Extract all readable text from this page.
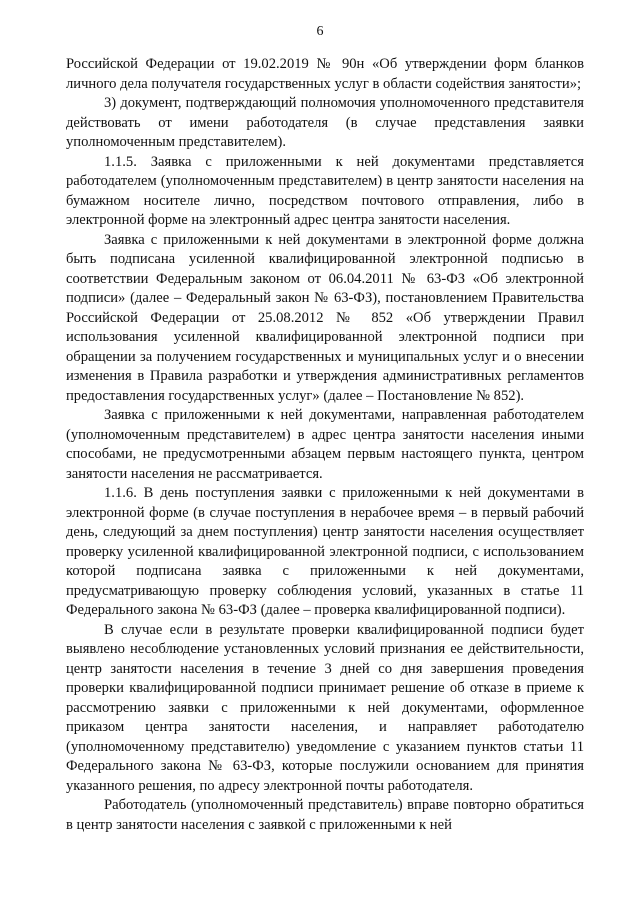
6

Российской Федерации от 19.02.2019 № 90н «Об утверждении форм бланков личного дела получателя государственных услуг в области содействия занятости»;

3) документ, подтверждающий полномочия уполномоченного представителя действовать от имени работодателя (в случае представления заявки уполномоченным представителем).

1.1.5. Заявка с приложенными к ней документами представляется работодателем (уполномоченным представителем) в центр занятости населения на бумажном носителе лично, посредством почтового отправления, либо в электронной форме на электронный адрес центра занятости населения.

Заявка с приложенными к ней документами в электронной форме должна быть подписана усиленной квалифицированной электронной подписью в соответствии Федеральным законом от 06.04.2011 № 63-ФЗ «Об электронной подписи» (далее – Федеральный закон № 63-ФЗ), постановлением Правительства Российской Федерации от 25.08.2012 № 852 «Об утверждении Правил использования усиленной квалифицированной электронной подписи при обращении за получением государственных и муниципальных услуг и о внесении изменения в Правила разработки и утверждения административных регламентов предоставления государственных услуг» (далее – Постановление № 852).

Заявка с приложенными к ней документами, направленная работодателем (уполномоченным представителем) в адрес центра занятости населения иными способами, не предусмотренными абзацем первым настоящего пункта, центром занятости населения не рассматривается.

1.1.6. В день поступления заявки с приложенными к ней документами в электронной форме (в случае поступления в нерабочее время – в первый рабочий день, следующий за днем поступления) центр занятости населения осуществляет проверку усиленной квалифицированной электронной подписи, с использованием которой подписана заявка с приложенными к ней документами, предусматривающую проверку соблюдения условий, указанных в статье 11 Федерального закона № 63-ФЗ (далее – проверка квалифицированной подписи).

В случае если в результате проверки квалифицированной подписи будет выявлено несоблюдение установленных условий признания ее действительности, центр занятости населения в течение 3 дней со дня завершения проведения проверки квалифицированной подписи принимает решение об отказе в приеме к рассмотрению заявки с приложенными к ней документами, оформленное приказом центра занятости населения, и направляет работодателю (уполномоченному представителю) уведомление с указанием пунктов статьи 11 Федерального закона № 63-ФЗ, которые послужили основанием для принятия указанного решения, по адресу электронной почты работодателя.

Работодатель (уполномоченный представитель) вправе повторно обратиться в центр занятости населения с заявкой с приложенными к ней
